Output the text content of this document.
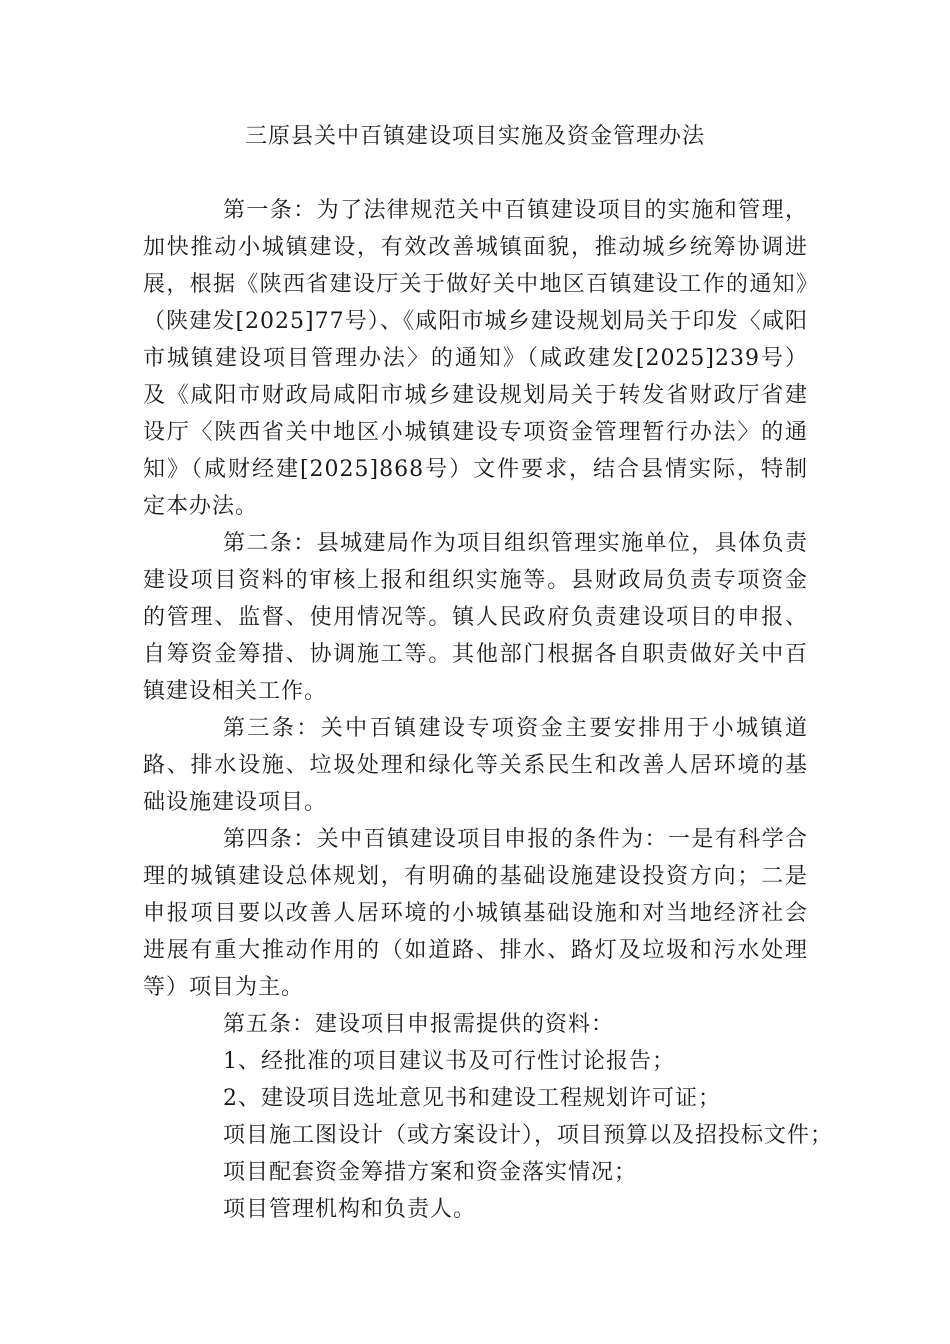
三原县关中百镇建设项目实施及资金管理办法

第一条：为了法律规范关中百镇建设项目的实施和管理，加快推动小城镇建设，有效改善城镇面貌，推动城乡统筹协调进展，根据《陕西省建设厅关于做好关中地区百镇建设工作的通知》（陕建发[2025]77号）、《咸阳市城乡建设规划局关于印发〈咸阳市城镇建设项目管理办法〉的通知》（咸政建发[2025]239号）及《咸阳市财政局咸阳市城乡建设规划局关于转发省财政厅省建设厅〈陕西省关中地区小城镇建设专项资金管理暂行办法〉的通知》（咸财经建[2025]868号）文件要求，结合县情实际，特制定本办法。

第二条：县城建局作为项目组织管理实施单位，具体负责建设项目资料的审核上报和组织实施等。县财政局负责专项资金的管理、监督、使用情况等。镇人民政府负责建设项目的申报、自筹资金筹措、协调施工等。其他部门根据各自职责做好关中百镇建设相关工作。

第三条：关中百镇建设专项资金主要安排用于小城镇道路、排水设施、垃圾处理和绿化等关系民生和改善人居环境的基础设施建设项目。

第四条：关中百镇建设项目申报的条件为：一是有科学合理的城镇建设总体规划，有明确的基础设施建设投资方向；二是申报项目要以改善人居环境的小城镇基础设施和对当地经济社会进展有重大推动作用的（如道路、排水、路灯及垃圾和污水处理等）项目为主。

第五条：建设项目申报需提供的资料：

1、经批准的项目建议书及可行性讨论报告；

2、建设项目选址意见书和建设工程规划许可证；

项目施工图设计（或方案设计），项目预算以及招投标文件；

项目配套资金筹措方案和资金落实情况；

项目管理机构和负责人。
